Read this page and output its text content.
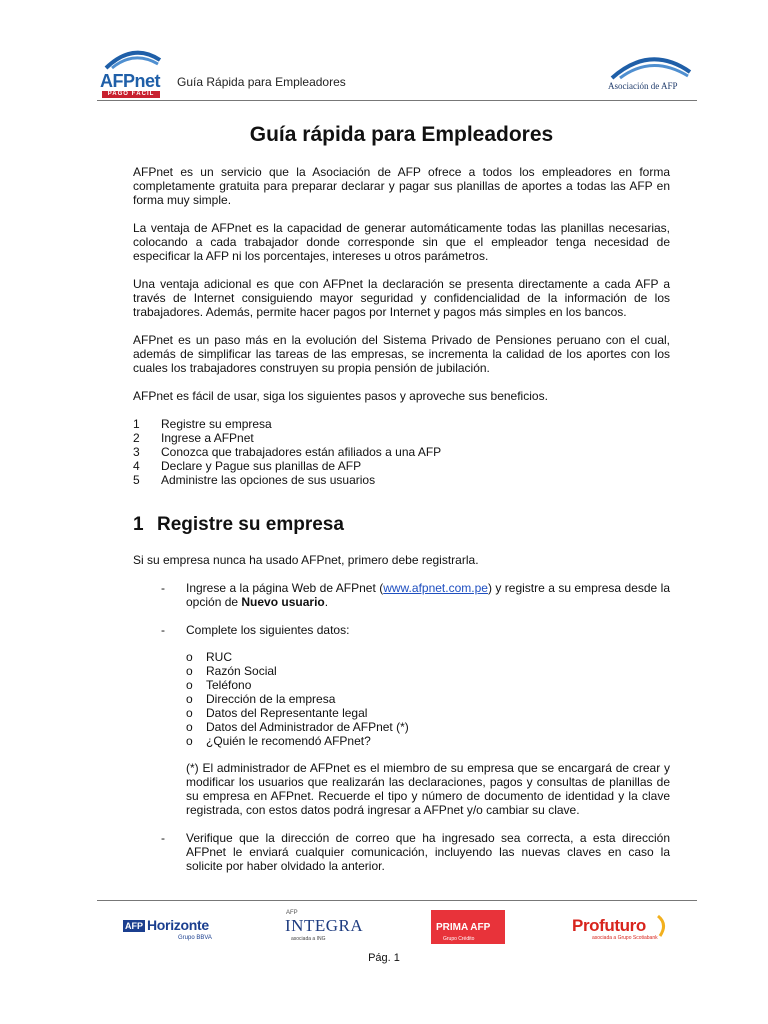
AFPnet
PAGO FÁCIL
Guía Rápida para Empleadores	Asociación de AFP
Guía rápida para Empleadores

AFPnet es un servicio que la Asociación de AFP ofrece a todos los empleadores en forma completamente gratuita para preparar declarar y pagar sus planillas de aportes a todas las AFP en forma muy simple.

La ventaja de AFPnet es la capacidad de generar automáticamente todas las planillas necesarias, colocando a cada trabajador donde corresponde sin que el empleador tenga necesidad de especificar la AFP ni los porcentajes, intereses u otros parámetros.

Una ventaja adicional es que con AFPnet la declaración se presenta directamente a cada AFP a través de Internet consiguiendo mayor seguridad y confidencialidad de la información de los trabajadores. Además, permite hacer pagos por Internet y pagos más simples en los bancos.

AFPnet es un paso más en la evolución del Sistema Privado de Pensiones peruano con el cual, además de simplificar las tareas de las empresas, se incrementa la calidad de los aportes con los cuales los trabajadores construyen su propia pensión de jubilación.

AFPnet es fácil de usar, siga los siguientes pasos y aproveche sus beneficios.

1	Registre su empresa
2	Ingrese a AFPnet
3	Conozca que trabajadores están afiliados a una AFP
4	Declare y Pague sus planillas de AFP
5	Administre las opciones de sus usuarios
1 Registre su empresa

Si su empresa nunca ha usado AFPnet, primero debe registrarla.

-	Ingrese a la página Web de AFPnet (www.afpnet.com.pe) y registre a su empresa desde la opción de Nuevo usuario.
-	Complete los siguientes datos:
o	RUC
o	Razón Social
o	Teléfono
o	Dirección de la empresa
o	Datos del Representante legal
o	Datos del Administrador de AFPnet (*)
o	¿Quién le recomendó AFPnet?
(*) El administrador de AFPnet es el miembro de su empresa que se encargará de crear y modificar los usuarios que realizarán las declaraciones, pagos y consultas de planillas de su empresa en AFPnet. Recuerde el tipo y número de documento de identidad y la clave registrada, con estos datos podrá ingresar a AFPnet y/o cambiar su clave.
-	Verifique que la dirección de correo que ha ingresado sea correcta, a esta dirección AFPnet le enviará cualquier comunicación, incluyendo las nuevas claves en caso la solicite por haber olvidado la anterior.
AFP Horizonte
Grupo BBVA
AFP
INTEGRA
asociada a ING
PRIMA AFP
Grupo Crédito
Profuturo
asociada a Grupo Scotiabank
Pág. 1
